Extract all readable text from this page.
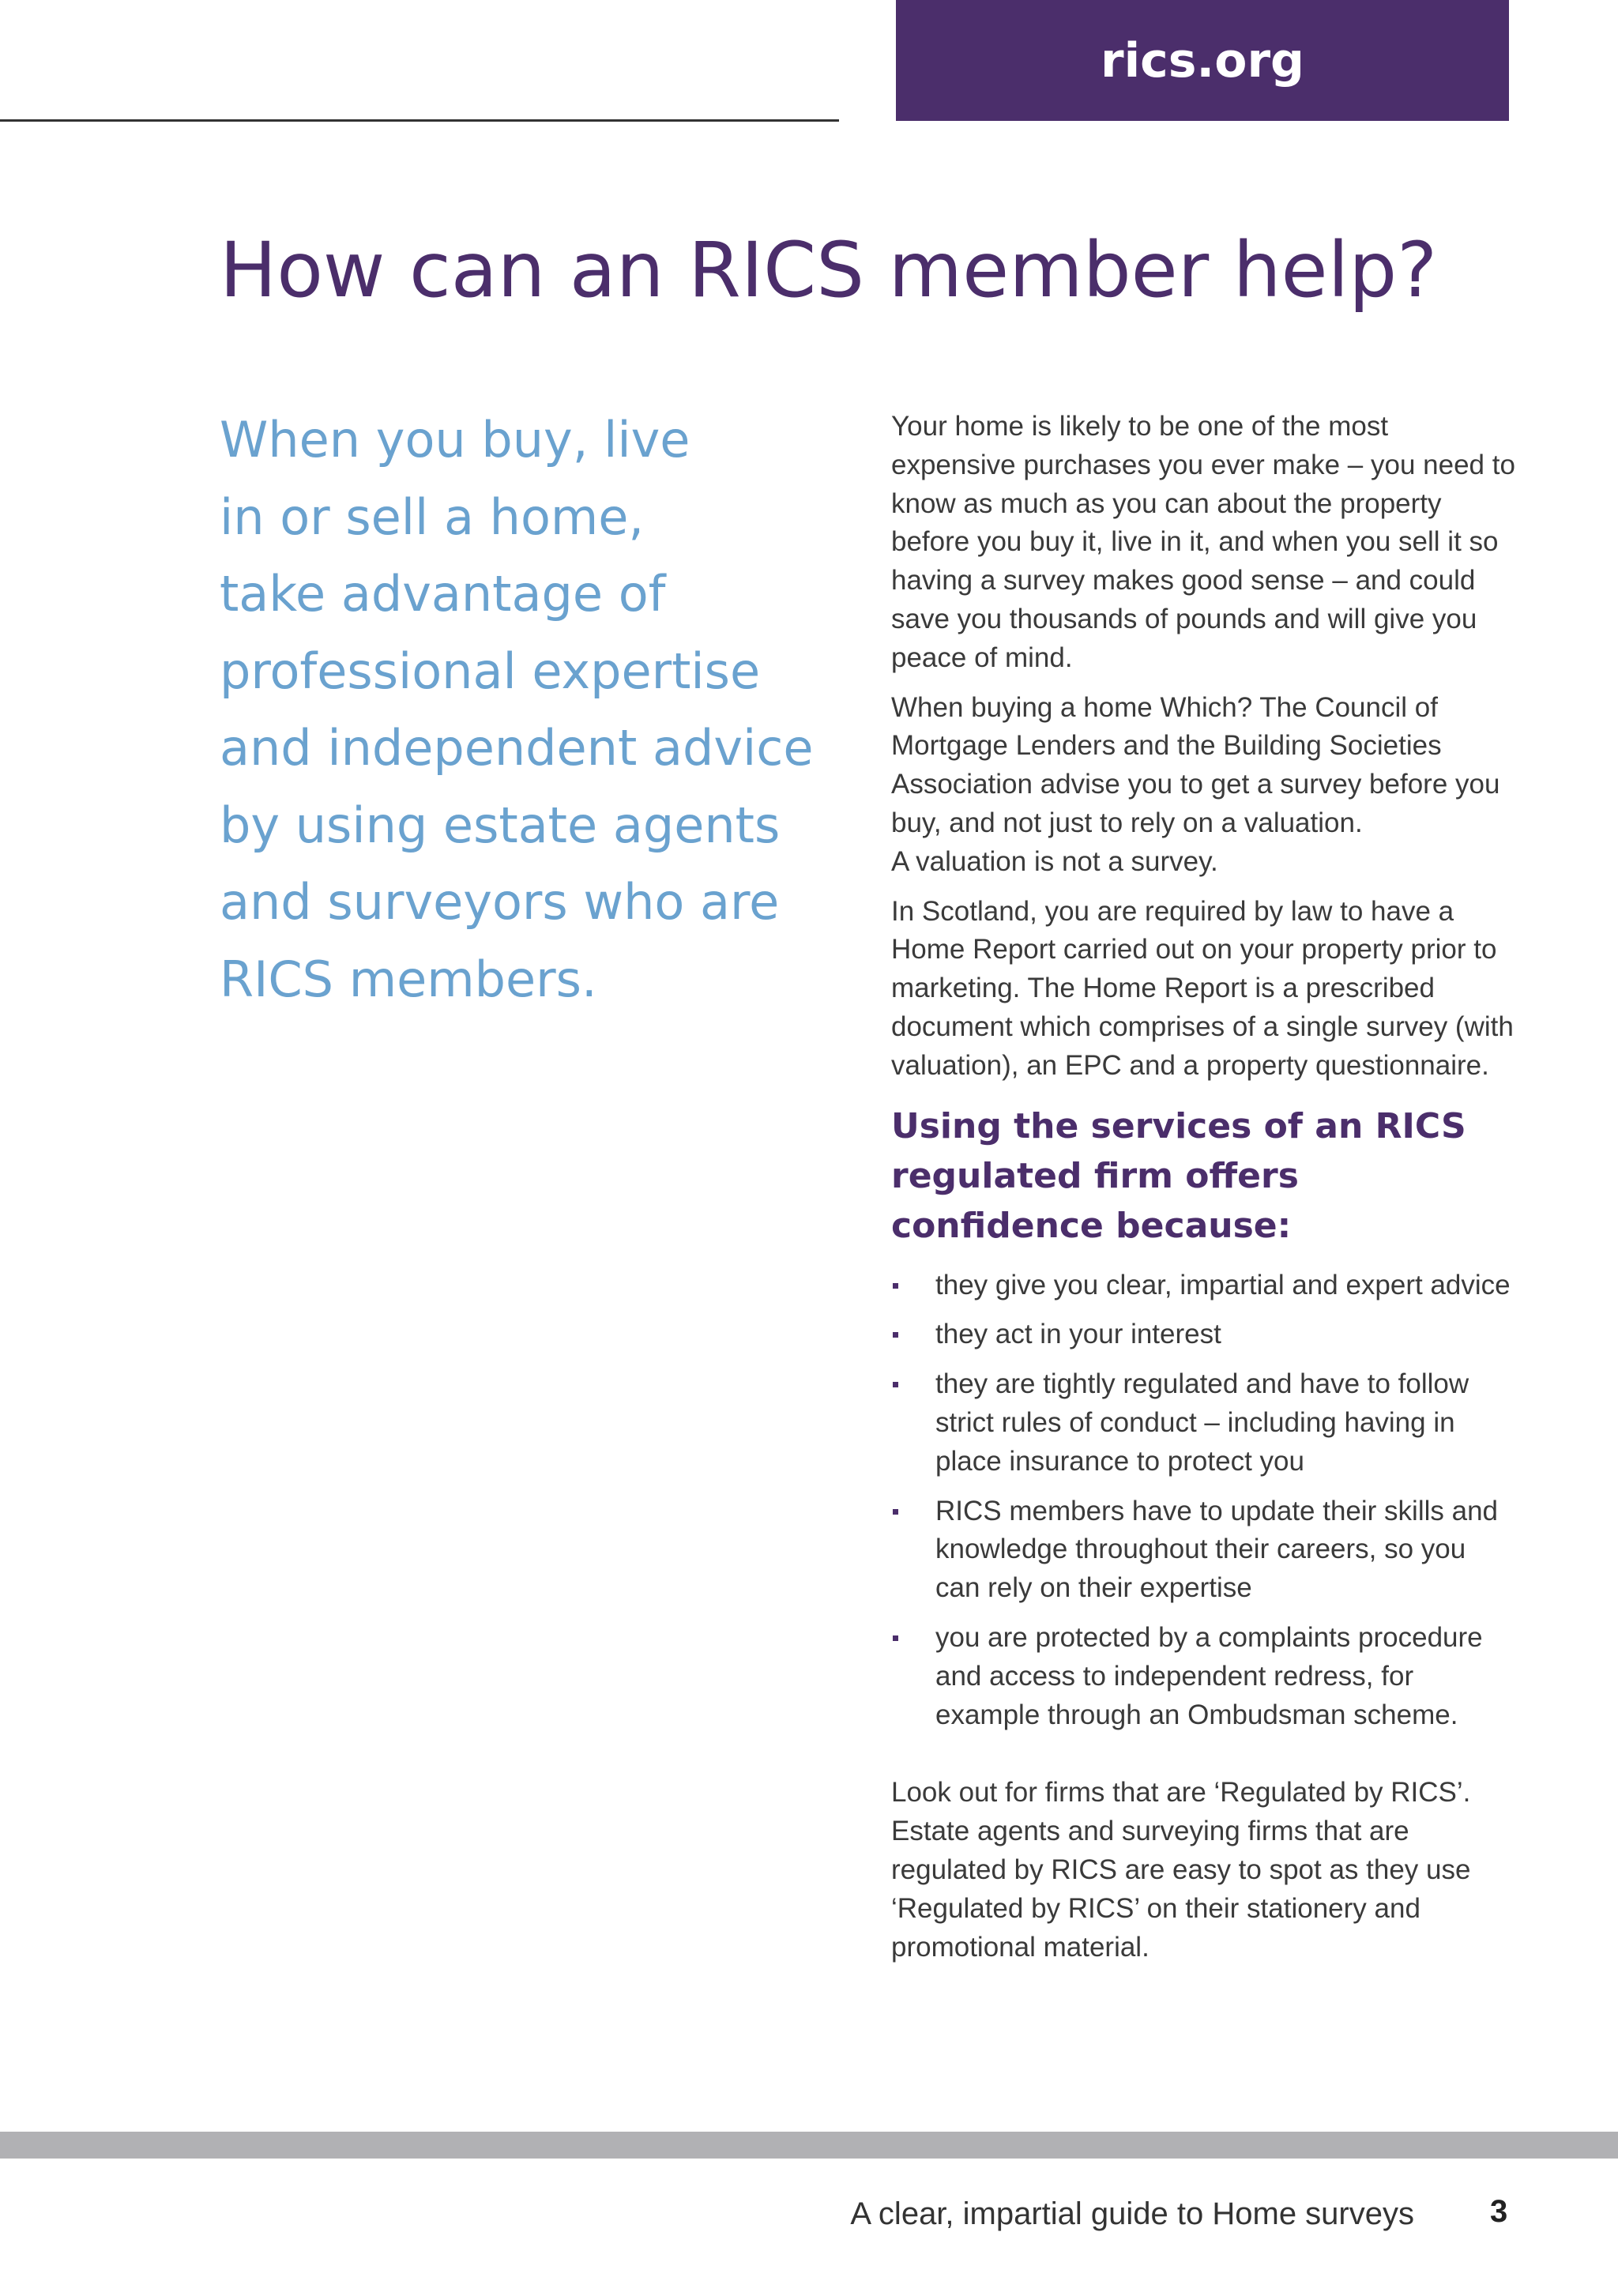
rics.org
How can an RICS member help?
When you buy, live
in or sell a home,
take advantage of
professional expertise
and independent advice
by using estate agents
and surveyors who are
RICS members.

Your home is likely to be one of the most expensive purchases you ever make – you need to know as much as you can about the property before you buy it, live in it, and when you sell it so having a survey makes good sense – and could save you thousands of pounds and will give you peace of mind.

When buying a home Which? The Council of Mortgage Lenders and the Building Societies Association advise you to get a survey before you buy, and not just to rely on a valuation.
A valuation is not a survey.

In Scotland, you are required by law to have a Home Report carried out on your property prior to marketing. The Home Report is a prescribed document which comprises of a single survey (with valuation), an EPC and a property questionnaire.

Using the services of an RICS regulated firm offers confidence because:
they give you clear, impartial and expert advice
they act in your interest
they are tightly regulated and have to follow strict rules of conduct – including having in place insurance to protect you
RICS members have to update their skills and knowledge throughout their careers, so you can rely on their expertise
you are protected by a complaints procedure and access to independent redress, for example through an Ombudsman scheme.

Look out for firms that are ‘Regulated by RICS’. Estate agents and surveying firms that are regulated by RICS are easy to spot as they use ‘Regulated by RICS’ on their stationery and promotional material.

A clear, impartial guide to Home surveys 3
